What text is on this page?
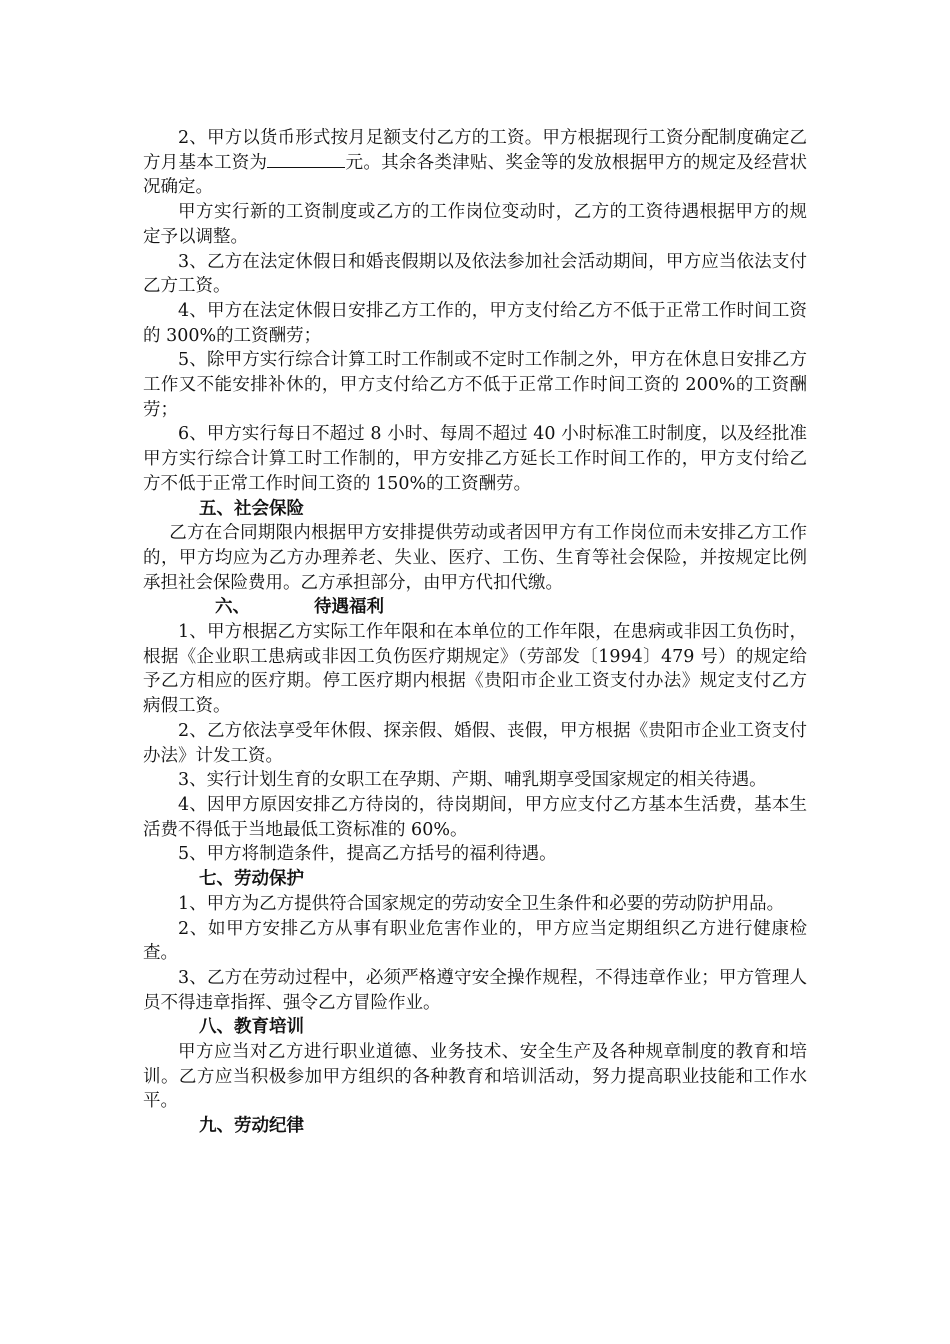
2、甲方以货币形式按月足额支付乙方的工资。甲方根据现行工资分配制度确定乙方月基本工资为	元。其余各类津贴、奖金等的发放根据甲方的规定及经营状况确定。

甲方实行新的工资制度或乙方的工作岗位变动时，乙方的工资待遇根据甲方的规定予以调整。

3、乙方在法定休假日和婚丧假期以及依法参加社会活动期间，甲方应当依法支付乙方工资。

4、甲方在法定休假日安排乙方工作的，甲方支付给乙方不低于正常工作时间工资的 300%的工资酬劳；

5、除甲方实行综合计算工时工作制或不定时工作制之外，甲方在休息日安排乙方工作又不能安排补休的，甲方支付给乙方不低于正常工作时间工资的 200%的工资酬劳；

6、甲方实行每日不超过 8 小时、每周不超过 40 小时标准工时制度，以及经批准甲方实行综合计算工时工作制的，甲方安排乙方延长工作时间工作的，甲方支付给乙方不低于正常工作时间工资的 150%的工资酬劳。

五、社会保险

乙方在合同期限内根据甲方安排提供劳动或者因甲方有工作岗位而未安排乙方工作的，甲方均应为乙方办理养老、失业、医疗、工伤、生育等社会保险，并按规定比例承担社会保险费用。乙方承担部分，由甲方代扣代缴。

六、	待遇福利

1、甲方根据乙方实际工作年限和在本单位的工作年限，在患病或非因工负伤时，根据《企业职工患病或非因工负伤医疗期规定》（劳部发〔1994〕479 号）的规定给予乙方相应的医疗期。停工医疗期内根据《贵阳市企业工资支付办法》规定支付乙方病假工资。

2、乙方依法享受年休假、探亲假、婚假、丧假，甲方根据《贵阳市企业工资支付办法》计发工资。

3、实行计划生育的女职工在孕期、产期、哺乳期享受国家规定的相关待遇。

4、因甲方原因安排乙方待岗的，待岗期间，甲方应支付乙方基本生活费，基本生活费不得低于当地最低工资标准的 60%。

5、甲方将制造条件，提高乙方括号的福利待遇。

七、劳动保护

1、甲方为乙方提供符合国家规定的劳动安全卫生条件和必要的劳动防护用品。

2、如甲方安排乙方从事有职业危害作业的，甲方应当定期组织乙方进行健康检查。

3、乙方在劳动过程中，必须严格遵守安全操作规程，不得违章作业；甲方管理人员不得违章指挥、强令乙方冒险作业。

八、教育培训

甲方应当对乙方进行职业道德、业务技术、安全生产及各种规章制度的教育和培训。乙方应当积极参加甲方组织的各种教育和培训活动，努力提高职业技能和工作水平。

九、劳动纪律
